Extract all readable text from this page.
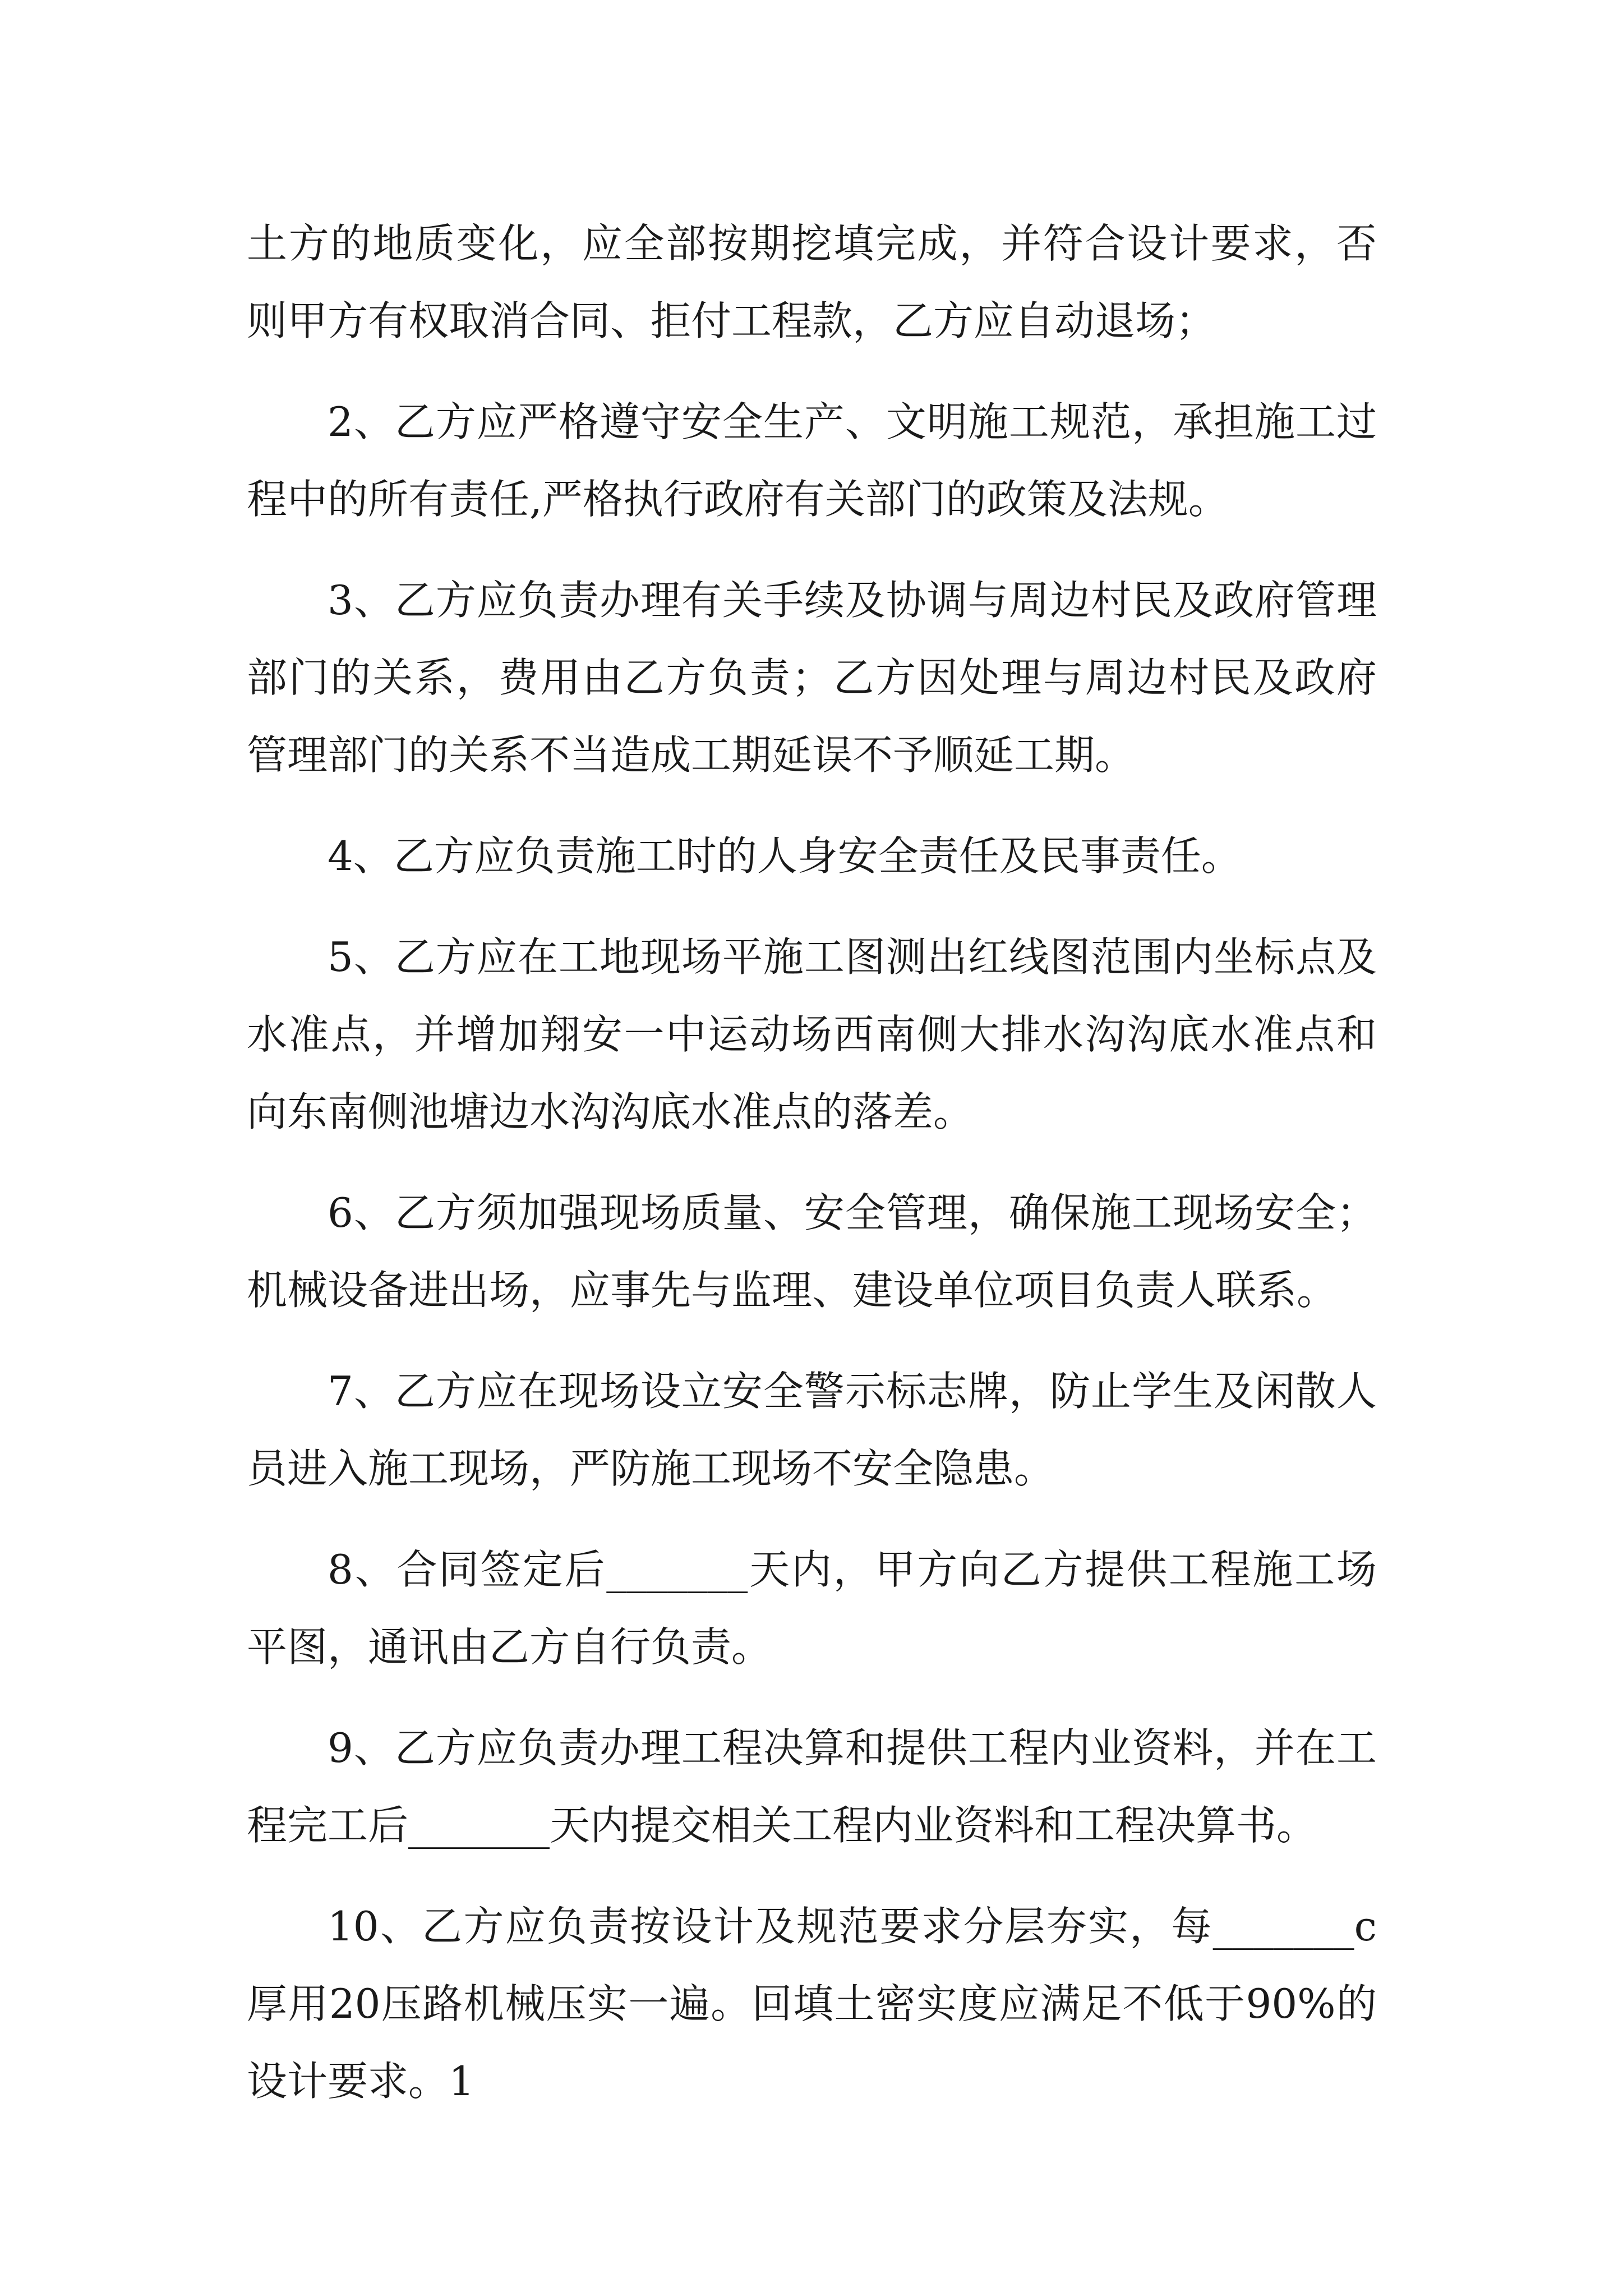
土方的地质变化，应全部按期挖填完成，并符合设计要求，否则甲方有权取消合同、拒付工程款，乙方应自动退场；

2、乙方应严格遵守安全生产、文明施工规范，承担施工过程中的所有责任,严格执行政府有关部门的政策及法规。

3、乙方应负责办理有关手续及协调与周边村民及政府管理部门的关系，费用由乙方负责；乙方因处理与周边村民及政府管理部门的关系不当造成工期延误不予顺延工期。

4、乙方应负责施工时的人身安全责任及民事责任。

5、乙方应在工地现场平施工图测出红线图范围内坐标点及水准点，并增加翔安一中运动场西南侧大排水沟沟底水准点和向东南侧池塘边水沟沟底水准点的落差。

6、乙方须加强现场质量、安全管理，确保施工现场安全；机械设备进出场，应事先与监理、建设单位项目负责人联系。

7、乙方应在现场设立安全警示标志牌，防止学生及闲散人员进入施工现场，严防施工现场不安全隐患。

8、合同签定后_______天内，甲方向乙方提供工程施工场平图，通讯由乙方自行负责。

9、乙方应负责办理工程决算和提供工程内业资料，并在工程完工后_______天内提交相关工程内业资料和工程决算书。

10、乙方应负责按设计及规范要求分层夯实，每_______c厚用20压路机械压实一遍。回填土密实度应满足不低于90%的设计要求。1
